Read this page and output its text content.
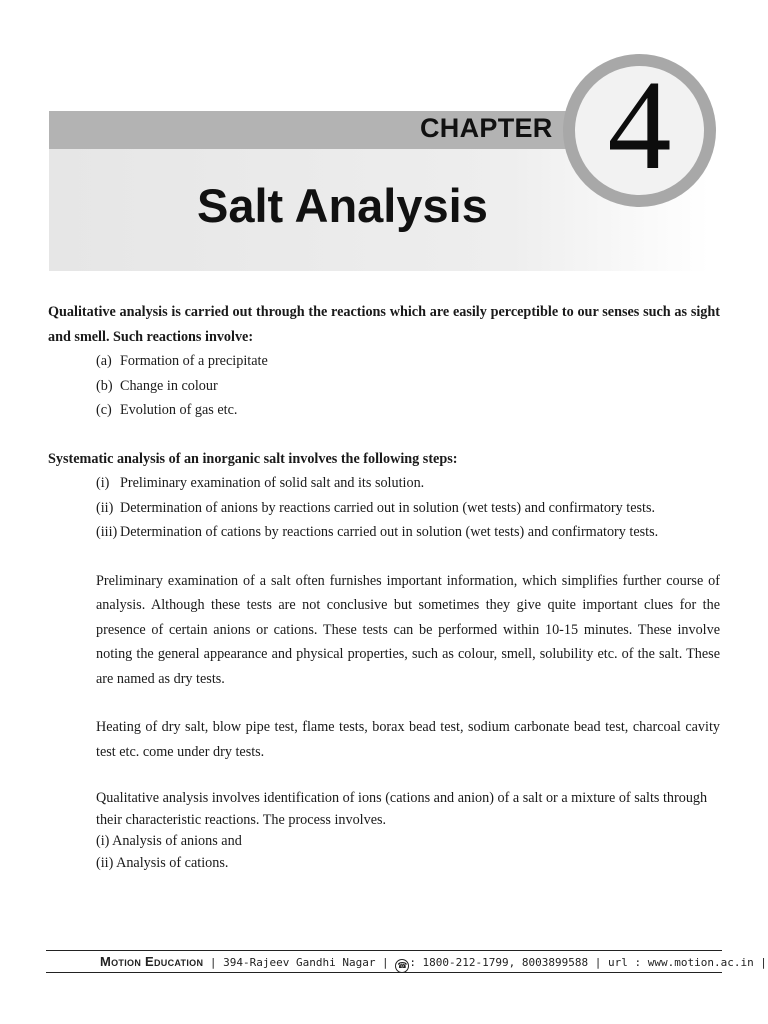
CHAPTER 4
Salt Analysis

Qualitative analysis is carried out through the reactions which are easily perceptible to our senses such as sight and smell. Such reactions involve:

(a) Formation of a precipitate
(b) Change in colour
(c) Evolution of gas etc.

Systematic analysis of an inorganic salt involves the following steps:

(i) Preliminary examination of solid salt and its solution.
(ii) Determination of anions by reactions carried out in solution (wet tests) and confirmatory tests.
(iii) Determination of cations by reactions carried out in solution (wet tests) and confirmatory tests.

Preliminary examination of a salt often furnishes important information, which simplifies further course of analysis. Although these tests are not conclusive but sometimes they give quite important clues for the presence of certain anions or cations. These tests can be performed within 10-15 minutes. These involve noting the general appearance and physical properties, such as colour, smell, solubility etc. of the salt. These are named as dry tests.

Heating of dry salt, blow pipe test, flame tests, borax bead test, sodium carbonate bead test, charcoal cavity test etc. come under dry tests.

Qualitative analysis involves identification of ions (cations and anion) of a salt or a mixture of salts through their characteristic reactions. The process involves.
(i) Analysis of anions and
(ii) Analysis of cations.
Motion Education | 394-Rajeev Gandhi Nagar | ☎ : 1800-212-1799, 8003899588 | url : www.motion.ac.in |
